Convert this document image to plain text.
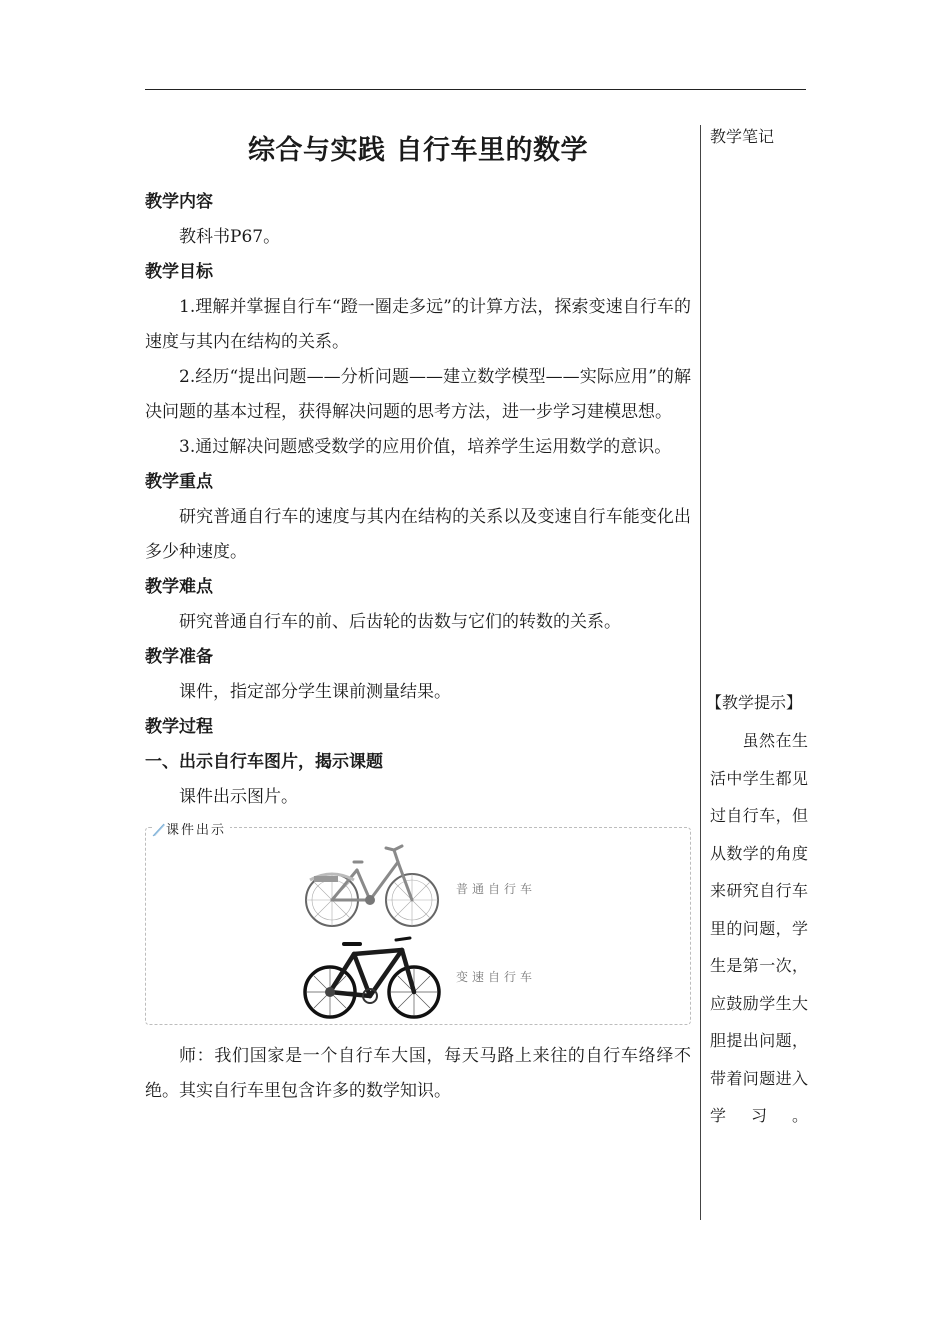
综合与实践 自行车里的数学

教学内容

教科书P67。

教学目标

1.理解并掌握自行车“蹬一圈走多远”的计算方法，探索变速自行车的速度与其内在结构的关系。

2.经历“提出问题——分析问题——建立数学模型——实际应用”的解决问题的基本过程，获得解决问题的思考方法，进一步学习建模思想。

3.通过解决问题感受数学的应用价值，培养学生运用数学的意识。

教学重点

研究普通自行车的速度与其内在结构的关系以及变速自行车能变化出多少种速度。

教学难点

研究普通自行车的前、后齿轮的齿数与它们的转数的关系。

教学准备

课件，指定部分学生课前测量结果。

教学过程

一、出示自行车图片，揭示课题

课件出示图片。

课件出示
普通自行车
变速自行车

师：我们国家是一个自行车大国，每天马路上来往的自行车络绎不绝。其实自行车里包含许多的数学知识。

教学笔记

【教学提示】
虽然在生活中学生都见过自行车，但从数学的角度来研究自行车里的问题，学生是第一次，应鼓励学生大胆提出问题，带着问题进入学习。
